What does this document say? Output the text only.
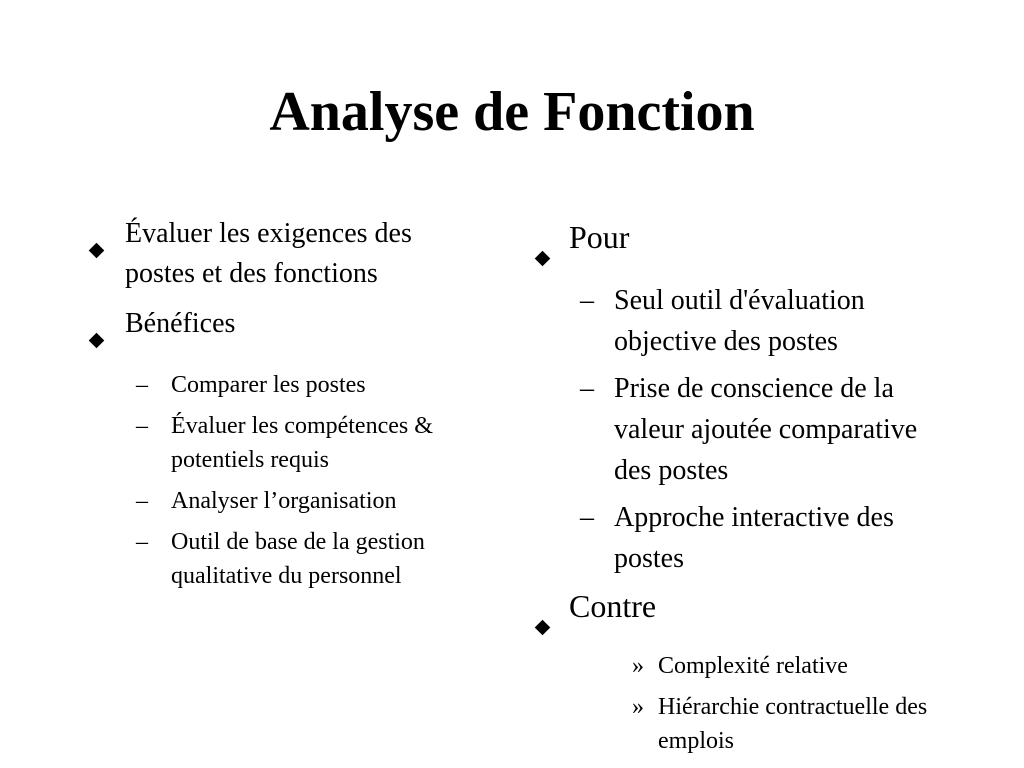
Analyse de Fonction
Évaluer les exigences des postes et des fonctions
Bénéfices
– Comparer les postes
– Évaluer les compétences & potentiels requis
– Analyser l’organisation
– Outil de base de la gestion qualitative du personnel
Pour
– Seul outil d'évaluation objective des postes
– Prise de conscience de la valeur ajoutée comparative des postes
– Approche interactive des postes
Contre
» Complexité relative
» Hiérarchie contractuelle des emplois
